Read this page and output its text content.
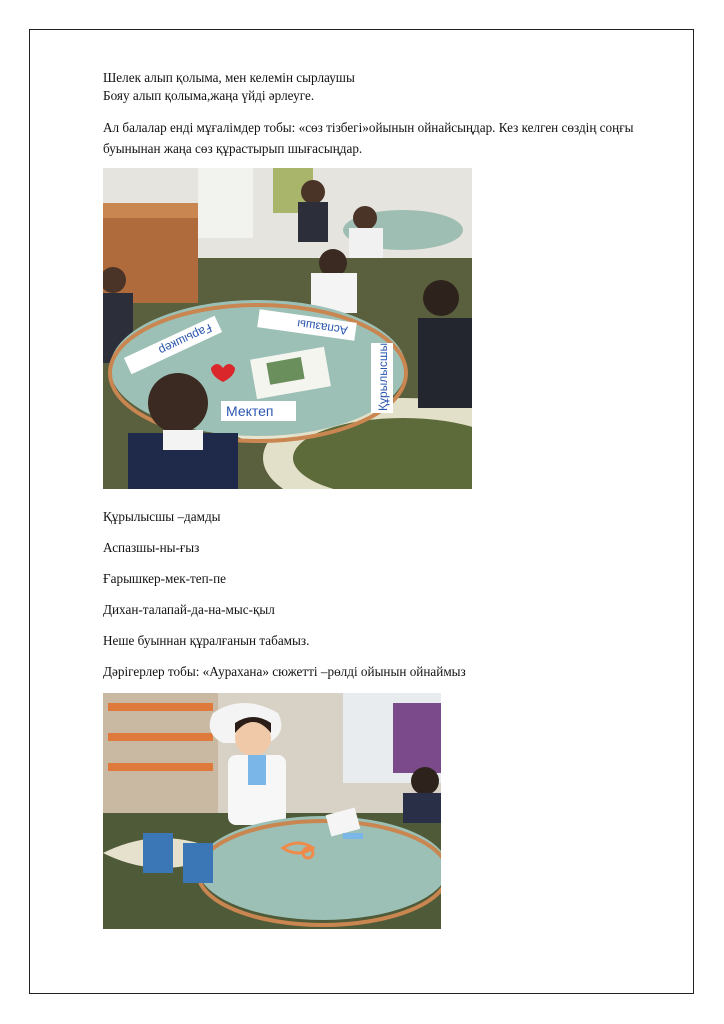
Шелек алып қолыма, мен келемін сырлаушы
Бояу алып қолыма,жаңа үйді әрлеуге.
Ал балалар енді мұғалімдер тобы: «сөз тізбегі»ойынын ойнайсыңдар. Кез келген сөздің соңғы буынынан жаңа сөз құрастырып шығасыңдар.
Аспазшы
Ғарышкер
Мектеп	Құрылысшы
Құрылысшы –дамды
Аспазшы-ны-ғыз
Ғарышкер-мек-теп-пе
Дихан-талапай-да-на-мыс-қыл
Неше буыннан құралғанын табамыз.
Дәрігерлер тобы: «Аурахана» сюжетті –рөлді ойынын ойнаймыз
